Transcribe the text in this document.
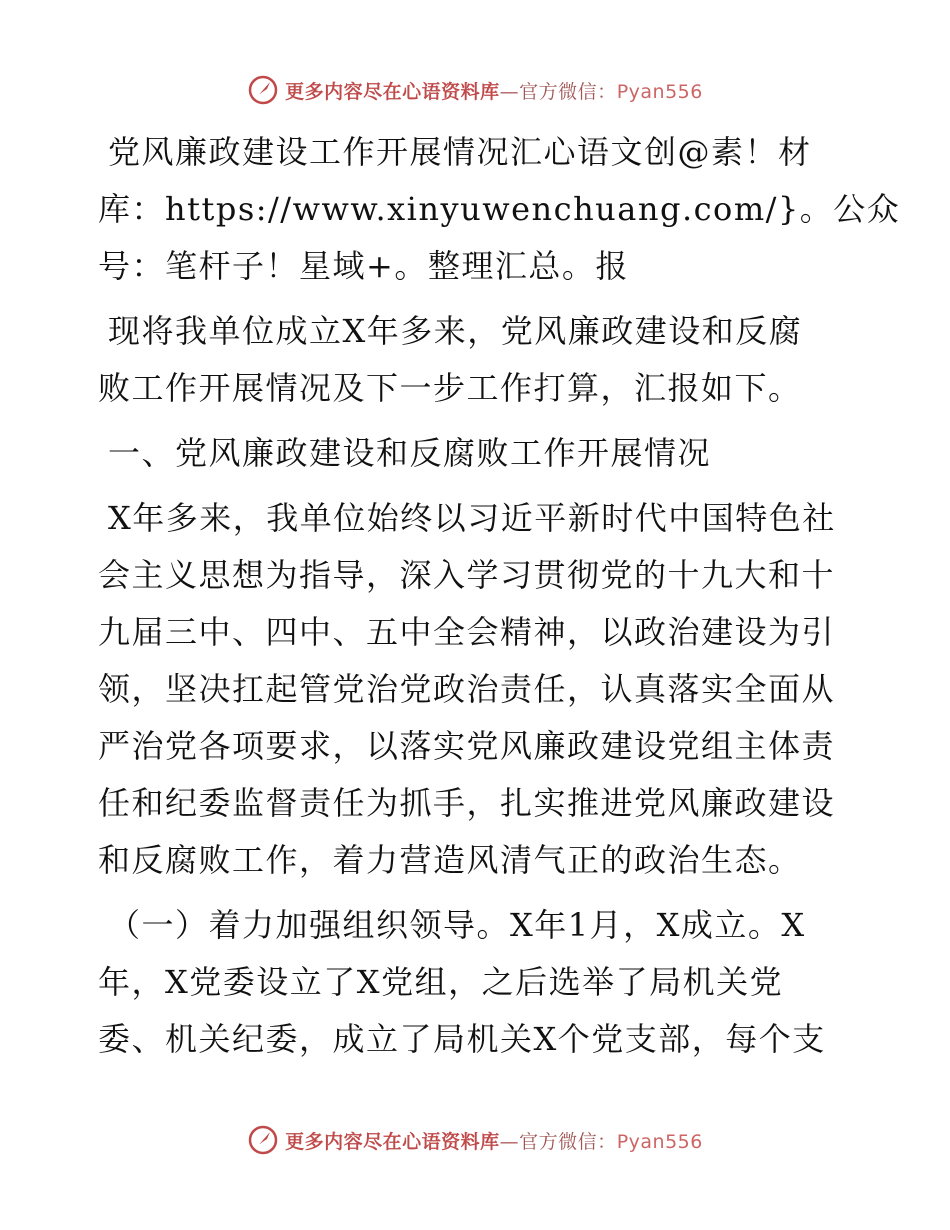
更多内容尽在心语资料库—官方微信：Pyan556

党风廉政建设工作开展情况汇心语文创@素！材
库：https://www.xinyuwenchuang.com/}。公众
号：笔杆子！星域+。整理汇总。报

现将我单位成立X年多来，党风廉政建设和反腐
败工作开展情况及下一步工作打算，汇报如下。

一、党风廉政建设和反腐败工作开展情况

X年多来，我单位始终以习近平新时代中国特色社
会主义思想为指导，深入学习贯彻党的十九大和十
九届三中、四中、五中全会精神，以政治建设为引
领，坚决扛起管党治党政治责任，认真落实全面从
严治党各项要求，以落实党风廉政建设党组主体责
任和纪委监督责任为抓手，扎实推进党风廉政建设
和反腐败工作，着力营造风清气正的政治生态。

（一）着力加强组织领导。X年1月，X成立。X
年，X党委设立了X党组，之后选举了局机关党
委、机关纪委，成立了局机关X个党支部，每个支

更多内容尽在心语资料库—官方微信：Pyan556
